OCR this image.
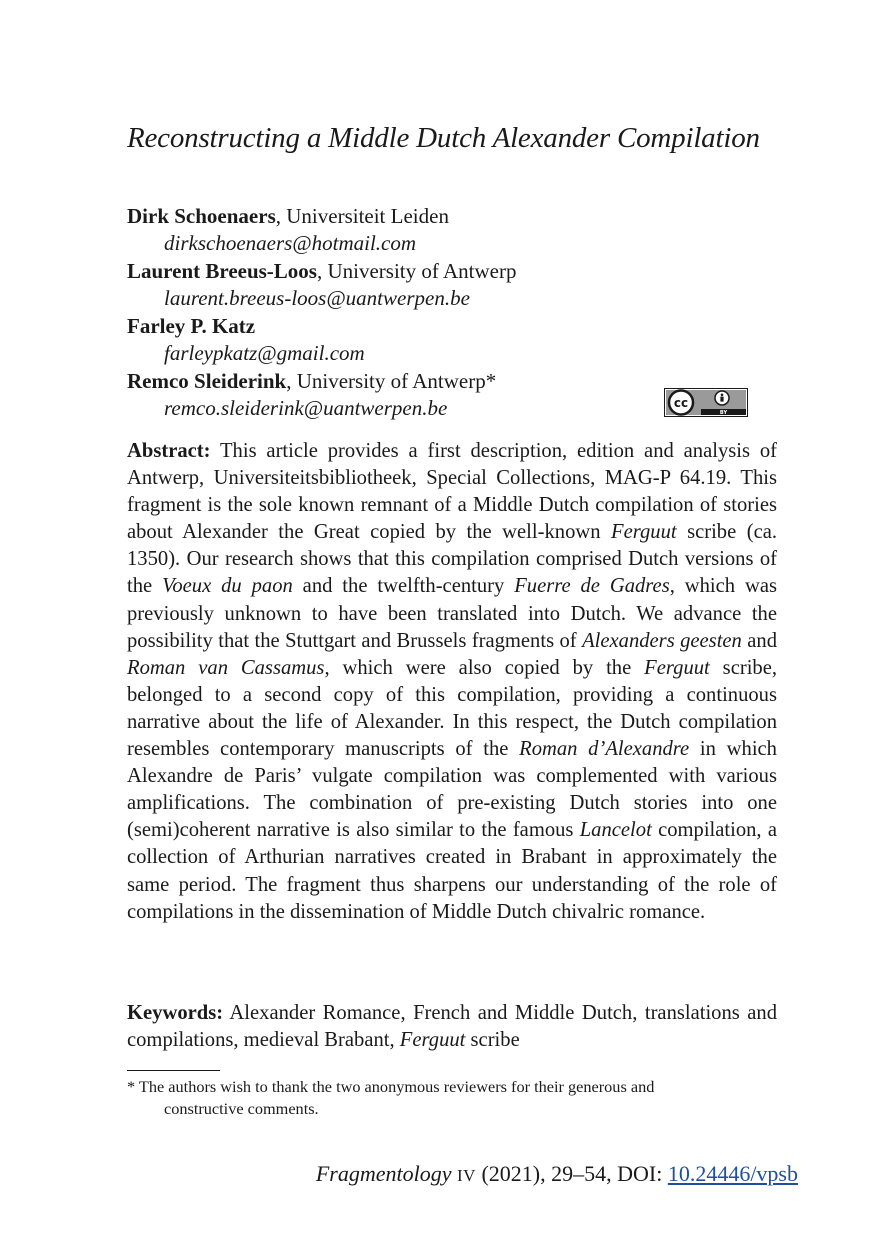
Reconstructing a Middle Dutch Alexander Compilation
Dirk Schoenaers, Universiteit Leiden
dirkschoenaers@hotmail.com
Laurent Breeus-Loos, University of Antwerp
laurent.breeus-loos@uantwerpen.be
Farley P. Katz
farleypkatz@gmail.com
Remco Sleiderink, University of Antwerp*
remco.sleiderink@uantwerpen.be	cc
BY

Abstract: This article provides a first description, edition and analysis of Antwerp, Universiteitsbibliotheek, Special Collections, MAG-P 64.19. This fragment is the sole known remnant of a Middle Dutch compilation of stories about Alexander the Great copied by the well-known Ferguut scribe (ca. 1350). Our research shows that this compilation comprised Dutch versions of the Voeux du paon and the twelfth-century Fuerre de Gadres, which was previously unknown to have been translated into Dutch. We advance the possibility that the Stuttgart and Brussels fragments of Alexanders geesten and Roman van Cassamus, which were also copied by the Ferguut scribe, belonged to a second copy of this compilation, providing a continuous narrative about the life of Alexander. In this respect, the Dutch compilation resembles contemporary manuscripts of the Roman d’Alexandre in which Alexandre de Paris’ vulgate compilation was complemented with various amplifications. The combination of pre-existing Dutch stories into one (semi)coherent narrative is also similar to the famous Lancelot compilation, a collection of Arthurian narratives created in Brabant in approximately the same period. The fragment thus sharpens our understanding of the role of compilations in the dissemination of Middle Dutch chivalric romance.

Keywords: Alexander Romance, French and Middle Dutch, translations and compilations, medieval Brabant, Ferguut scribe

* The authors wish to thank the two anonymous reviewers for their generous and
constructive comments.
Fragmentology IV (2021), 29–54, DOI: 10.24446/vpsb
